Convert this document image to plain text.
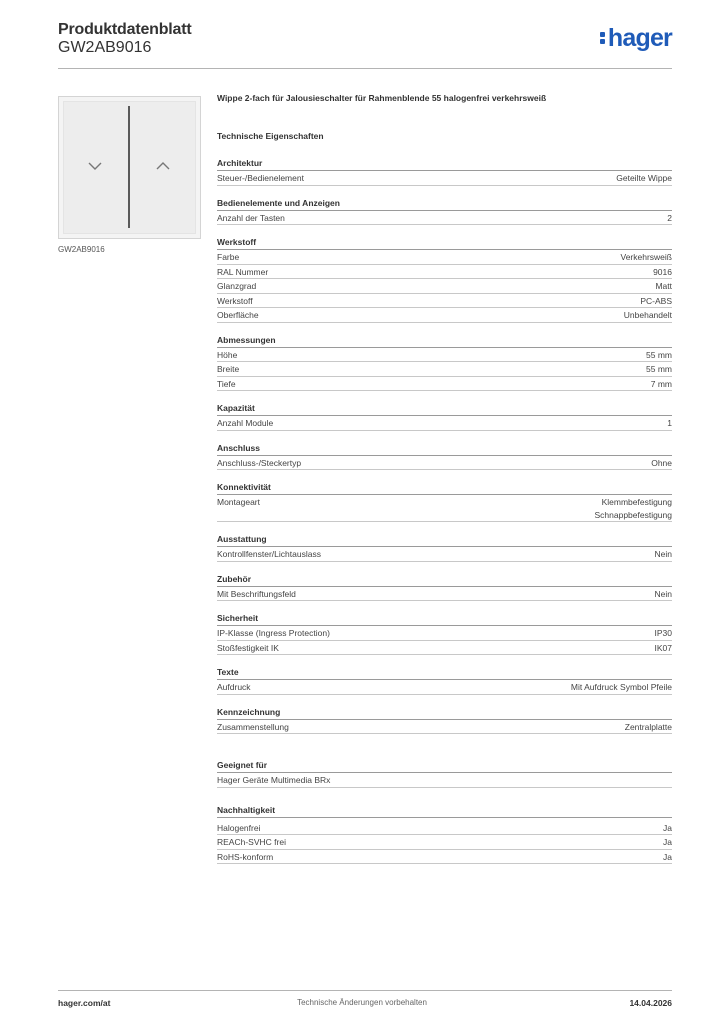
Produktdatenblatt
GW2AB9016	hager
GW2AB9016
Wippe 2-fach für Jalousieschalter für Rahmenblende 55 halogenfrei verkehrsweiß
Technische Eigenschaften
Architektur
Steuer-/Bedienelement	Geteilte Wippe
Bedienelemente und Anzeigen
Anzahl der Tasten	2
Werkstoff
Farbe	Verkehrsweiß
RAL Nummer	9016
Glanzgrad	Matt
Werkstoff	PC-ABS
Oberfläche	Unbehandelt
Abmessungen
Höhe	55 mm
Breite	55 mm
Tiefe	7 mm
Kapazität
Anzahl Module	1
Anschluss
Anschluss-/Steckertyp	Ohne
Konnektivität
Montageart	Klemmbefestigung
Schnappbefestigung
Ausstattung
Kontrollfenster/Lichtauslass	Nein
Zubehör
Mit Beschriftungsfeld	Nein
Sicherheit
IP-Klasse (Ingress Protection)	IP30
Stoßfestigkeit IK	IK07
Texte
Aufdruck	Mit Aufdruck Symbol Pfeile
Kennzeichnung
Zusammenstellung	Zentralplatte
Geeignet für
Hager Geräte Multimedia BRx
Nachhaltigkeit
Halogenfrei	Ja
REACh-SVHC frei	Ja
RoHS-konform	Ja
hager.com/at	Technische Änderungen vorbehalten	14.04.2026
